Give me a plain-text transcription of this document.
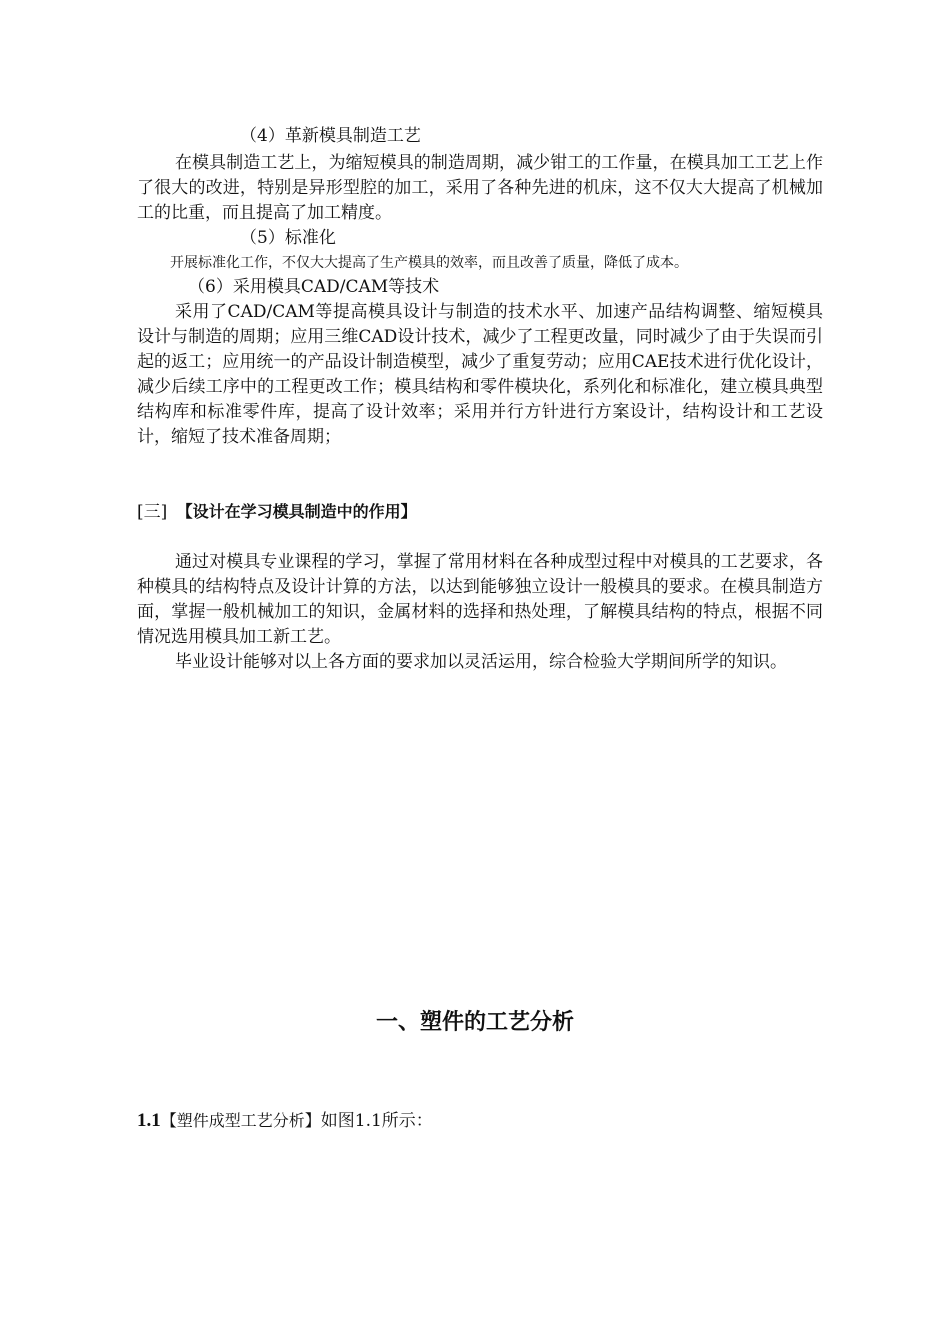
（4）革新模具制造工艺

在模具制造工艺上，为缩短模具的制造周期，减少钳工的工作量，在模具加工工艺上作了很大的改进，特别是异形型腔的加工，采用了各种先进的机床，这不仅大大提高了机械加工的比重，而且提高了加工精度。

（5）标准化
开展标准化工作，不仅大大提高了生产模具的效率，而且改善了质量，降低了成本。
（6）采用模具CAD/CAM等技术

采用了CAD/CAM等提高模具设计与制造的技术水平、加速产品结构调整、缩短模具设计与制造的周期；应用三维CAD设计技术，减少了工程更改量，同时减少了由于失误而引起的返工；应用统一的产品设计制造模型，减少了重复劳动；应用CAE技术进行优化设计，减少后续工序中的工程更改工作；模具结构和零件模块化，系列化和标准化，建立模具典型结构库和标准零件库，提高了设计效率；采用并行方针进行方案设计，结构设计和工艺设计，缩短了技术准备周期；

[三] 【设计在学习模具制造中的作用】

通过对模具专业课程的学习，掌握了常用材料在各种成型过程中对模具的工艺要求，各种模具的结构特点及设计计算的方法，以达到能够独立设计一般模具的要求。在模具制造方面，掌握一般机械加工的知识，金属材料的选择和热处理，了解模具结构的特点，根据不同情况选用模具加工新工艺。

毕业设计能够对以上各方面的要求加以灵活运用，综合检验大学期间所学的知识。

一、塑件的工艺分析
1.1【塑件成型工艺分析】如图1.1所示：
